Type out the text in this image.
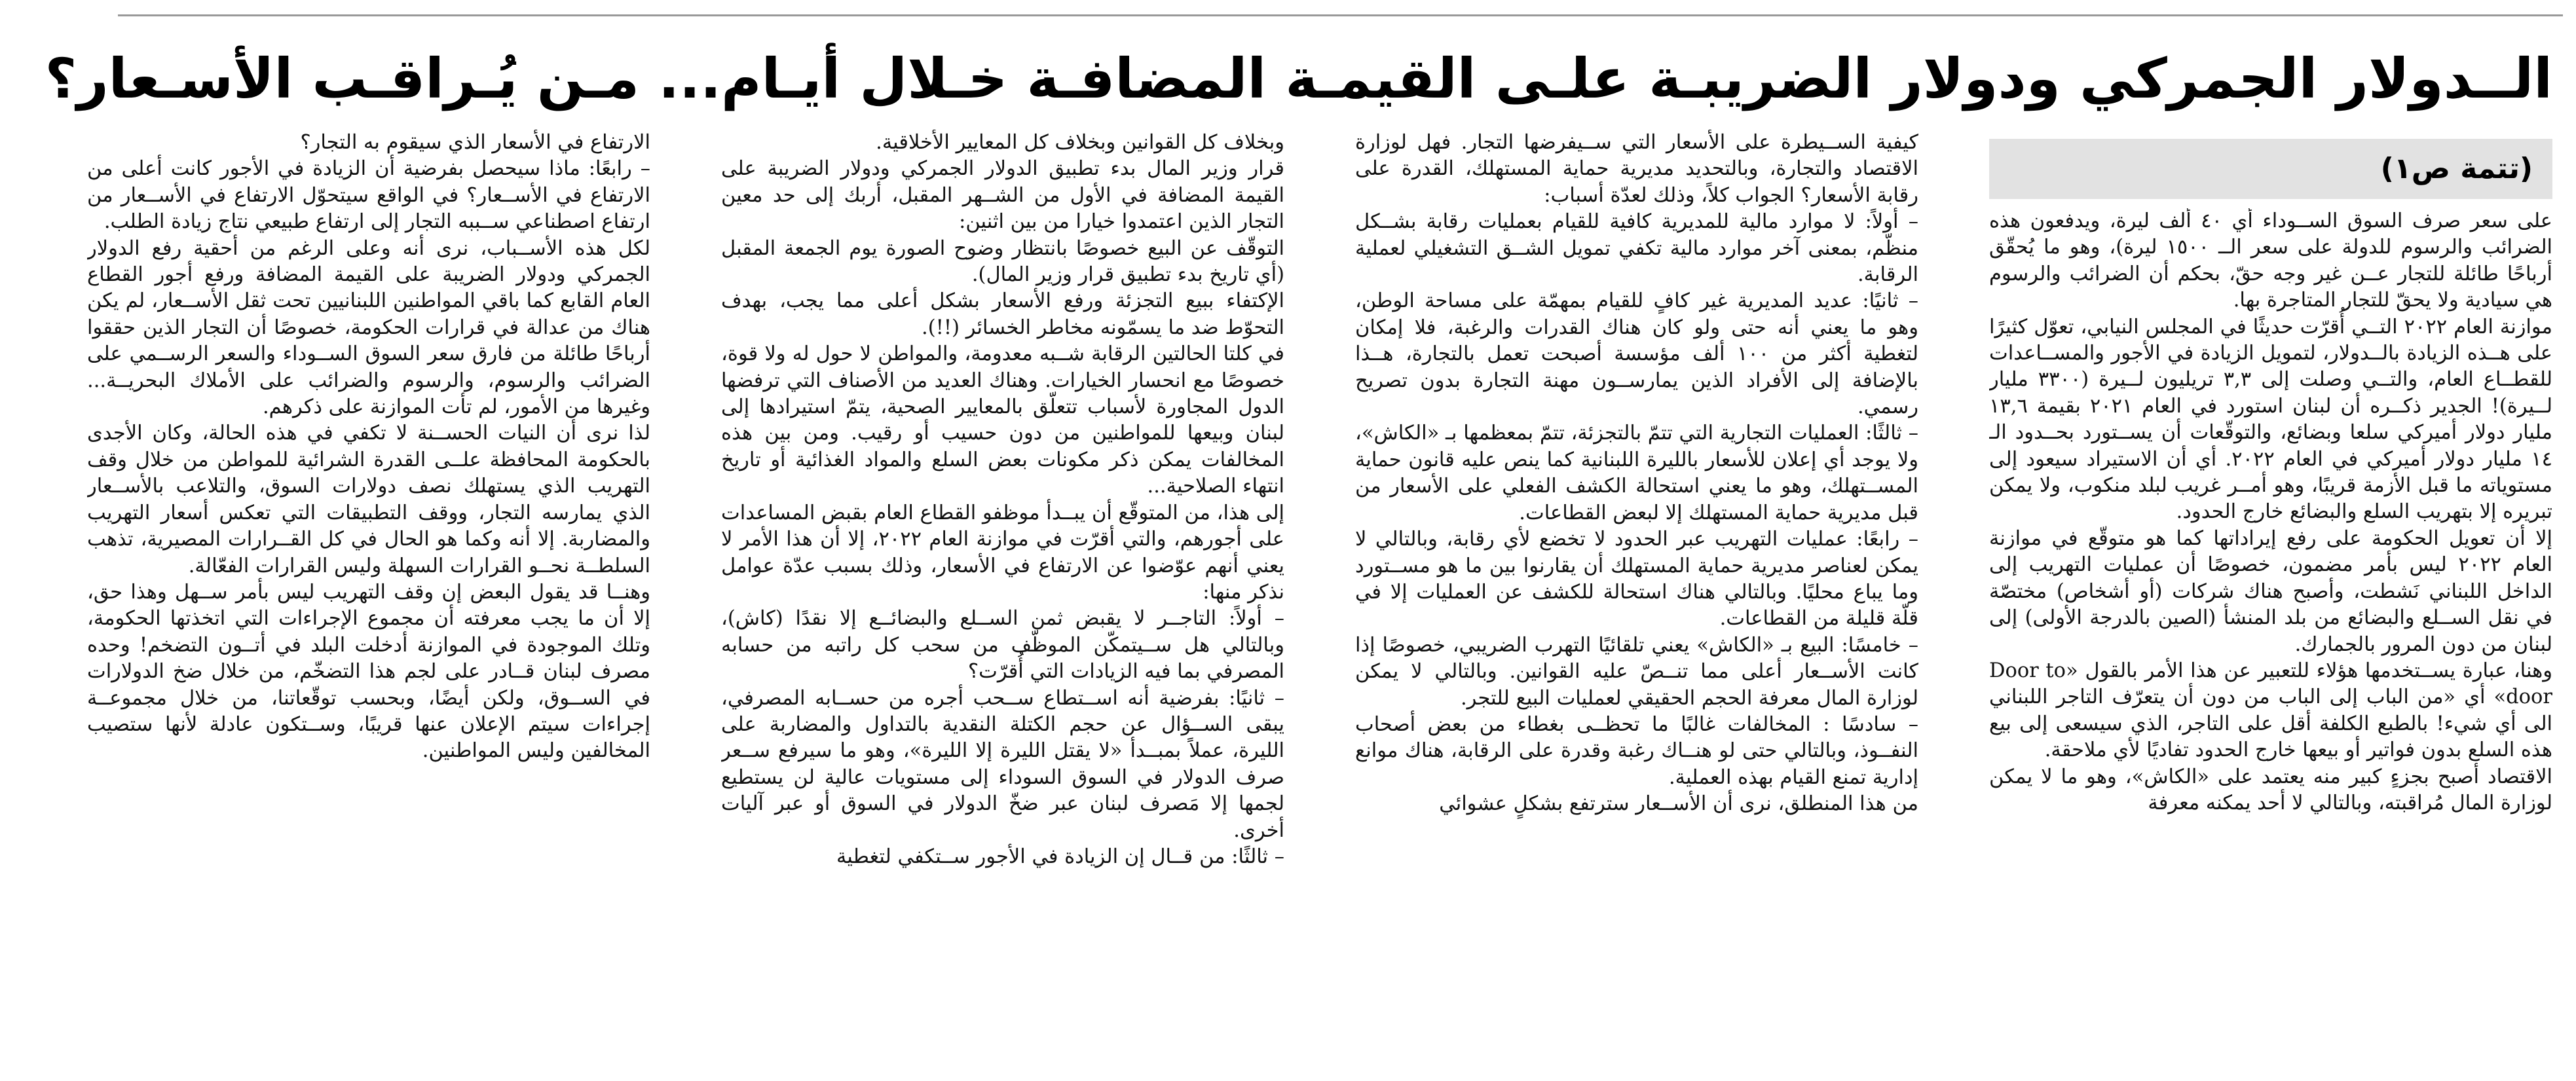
الــدولار الجمركي ودولار الضريبـة علـى القيمـة المضافـة خـلال أيـام... مـن يُـراقـب الأسـعار؟
(تتمة ص١)

على سعر صرف السوق الســوداء أي ٤٠ ألف ليرة، ويدفعون هذه الضرائب والرسوم للدولة على سعر الــ ١٥٠٠ ليرة)، وهو ما يُحقّق أرباحًا طائلة للتجار عــن غير وجه حقّ، بحكم أن الضرائب والرسوم هي سيادية ولا يحقّ للتجار المتاجرة بها.

موازنة العام ٢٠٢٢ التــي أُقرّت حديثًا في المجلس النيابي، تعوّل كثيرًا على هــذه الزيادة بالــدولار، لتمويل الزيادة في الأجور والمســاعدات للقطــاع العام، والتــي وصلت إلى ٣,٣ تريليون لــيرة (٣٣٠٠ مليار لــيرة)! الجدير ذكــره أن لبنان استورد في العام ٢٠٢١ بقيمة ١٣,٦ مليار دولار أميركي سلعا وبضائع، والتوقّعات أن يســتورد بحــدود الـ ١٤ مليار دولار أميركي في العام ٢٠٢٢. أي أن الاستيراد سيعود إلى مستوياته ما قبل الأزمة قريبًا، وهو أمــر غريب لبلد منكوب، ولا يمكن تبريره إلا بتهريب السلع والبضائع خارج الحدود.

إلا أن تعويل الحكومة على رفع إيراداتها كما هو متوقّع في موازنة العام ٢٠٢٢ ليس بأمر مضمون، خصوصًا أن عمليات التهريب إلى الداخل اللبناني نَشطت، وأصبح هناك شركات (أو أشخاص) مختصّة في نقل الســلع والبضائع من بلد المنشأ (الصين بالدرجة الأولى) إلى لبنان من دون المرور بالجمارك.

وهنا، عبارة يســتخدمها هؤلاء للتعبير عن هذا الأمر بالقول «Door to door» أي «من الباب إلى الباب من دون أن يتعرّف التاجر اللبناني الى أي شيء! بالطبع الكلفة أقل على التاجر، الذي سيسعى إلى بيع هذه السلع بدون فواتير أو بيعها خارج الحدود تفاديًا لأي ملاحقة.

الاقتصاد أصبح بجزءٍ كبير منه يعتمد على «الكاش»، وهو ما لا يمكن لوزارة المال مُراقبته، وبالتالي لا أحد يمكنه معرفة

كيفية الســيطرة على الأسعار التي ســيفرضها التجار. فهل لوزارة الاقتصاد والتجارة، وبالتحديد مديرية حماية المستهلك، القدرة على رقابة الأسعار؟ الجواب كلاً، وذلك لعدّة أسباب:

– أولاً: لا موارد مالية للمديرية كافية للقيام بعمليات رقابة بشــكل منظّم، بمعنى آخر موارد مالية تكفي تمويل الشــق التشغيلي لعملية الرقابة.

– ثانيًا: عديد المديرية غير كافٍ للقيام بمهمّة على مساحة الوطن، وهو ما يعني أنه حتى ولو كان هناك القدرات والرغبة، فلا إمكان لتغطية أكثر من ١٠٠ ألف مؤسسة أصبحت تعمل بالتجارة، هــذا بالإضافة إلى الأفراد الذين يمارســون مهنة التجارة بدون تصريح رسمي.

– ثالثًا: العمليات التجارية التي تتمّ بالتجزئة، تتمّ بمعظمها بـ «الكاش»، ولا يوجد أي إعلان للأسعار بالليرة اللبنانية كما ينص عليه قانون حماية المســتهلك، وهو ما يعني استحالة الكشف الفعلي على الأسعار من قبل مديرية حماية المستهلك إلا لبعض القطاعات.

– رابعًا: عمليات التهريب عبر الحدود لا تخضع لأي رقابة، وبالتالي لا يمكن لعناصر مديرية حماية المستهلك أن يقارنوا بين ما هو مســتورد وما يباع محليًا. وبالتالي هناك استحالة للكشف عن العمليات إلا في قلّة قليلة من القطاعات.

– خامسًا: البيع بـ «الكاش» يعني تلقائيًا التهرب الضريبي، خصوصًا إذا كانت الأســعار أعلى مما تنــصّ عليه القوانين. وبالتالي لا يمكن لوزارة المال معرفة الحجم الحقيقي لعمليات البيع للتجر.

– سادسًا : المخالفات غالبًا ما تحظــى بغطاء من بعض أصحاب النفــوذ، وبالتالي حتى لو هنــاك رغبة وقدرة على الرقابة، هناك موانع إدارية تمنع القيام بهذه العملية.

من هذا المنطلق، نرى أن الأســعار سترتفع بشكلٍ عشوائي

وبخلاف كل القوانين وبخلاف كل المعايير الأخلاقية.

قرار وزير المال بدء تطبيق الدولار الجمركي ودولار الضريبة على القيمة المضافة في الأول من الشــهر المقبل، أربك إلى حد معين التجار الذين اعتمدوا خيارا من بين اثنين:

التوقّف عن البيع خصوصًا بانتظار وضوح الصورة يوم الجمعة المقبل (أي تاريخ بدء تطبيق قرار وزير المال).

الإكتفاء ببيع التجزئة ورفع الأسعار بشكل أعلى مما يجب، بهدف التحوّط ضد ما يسمّونه مخاطر الخسائر (!!).

في كلتا الحالتين الرقابة شــبه معدومة، والمواطن لا حول له ولا قوة، خصوصًا مع انحسار الخيارات. وهناك العديد من الأصناف التي ترفضها الدول المجاورة لأسباب تتعلّق بالمعايير الصحية، يتمّ استيرادها إلى لبنان وبيعها للمواطنين من دون حسيب أو رقيب. ومن بين هذه المخالفات يمكن ذكر مكونات بعض السلع والمواد الغذائية أو تاريخ انتهاء الصلاحية...

إلى هذا، من المتوقّع أن يبــدأ موظفو القطاع العام بقبض المساعدات على أجورهم، والتي أقرّت في موازنة العام ٢٠٢٢، إلا أن هذا الأمر لا يعني أنهم عوّضوا عن الارتفاع في الأسعار، وذلك بسبب عدّة عوامل نذكر منها:

– أولاً: التاجــر لا يقبض ثمن الســلع والبضائــع إلا نقدًا (كاش)، وبالتالي هل ســيتمكّن الموظّف من سحب كل راتبه من حسابه المصرفي بما فيه الزيادات التي أُقرّت؟

– ثانيًا: بفرضية أنه اســتطاع ســحب أجره من حســابه المصرفي، يبقى الســؤال عن حجم الكتلة النقدية بالتداول والمضاربة على الليرة، عملاً بمبــدأ «لا يقتل الليرة إلا الليرة»، وهو ما سيرفع ســعر صرف الدولار في السوق السوداء إلى مستويات عالية لن يستطيع لجمها إلا مَصرف لبنان عبر ضخّ الدولار في السوق أو عبر آليات أخرى.

– ثالثًا: من قــال إن الزيادة في الأجور ســتكفي لتغطية

الارتفاع في الأسعار الذي سيقوم به التجار؟

– رابعًا: ماذا سيحصل بفرضية أن الزيادة في الأجور كانت أعلى من الارتفاع في الأســعار؟ في الواقع سيتحوّل الارتفاع في الأســعار من ارتفاع اصطناعي ســببه التجار إلى ارتفاع طبيعي نتاج زيادة الطلب.

لكل هذه الأســباب، نرى أنه وعلى الرغم من أحقية رفع الدولار الجمركي ودولار الضريبة على القيمة المضافة ورفع أجور القطاع العام القابع كما باقي المواطنين اللبنانيين تحت ثقل الأســعار، لم يكن هناك من عدالة في قرارات الحكومة، خصوصًا أن التجار الذين حققوا أرباحًا طائلة من فارق سعر السوق الســوداء والسعر الرســمي على الضرائب والرسوم، والرسوم والضرائب على الأملاك البحريــة... وغيرها من الأمور، لم تأت الموازنة على ذكرهم.

لذا نرى أن النيات الحســنة لا تكفي في هذه الحالة، وكان الأجدى بالحكومة المحافظة علــى القدرة الشرائية للمواطن من خلال وقف التهريب الذي يستهلك نصف دولارات السوق، والتلاعب بالأســعار الذي يمارسه التجار، ووقف التطبيقات التي تعكس أسعار التهريب والمضاربة. إلا أنه وكما هو الحال في كل القــرارات المصيرية، تذهب السلطــة نحــو القرارات السهلة وليس القرارات الفعّالة.

وهنــا قد يقول البعض إن وقف التهريب ليس بأمر ســهل وهذا حق، إلا أن ما يجب معرفته أن مجموع الإجراءات التي اتخذتها الحكومة، وتلك الموجودة في الموازنة أدخلت البلد في أتــون التضخم! وحده مصرف لبنان قــادر على لجم هذا التضخّم، من خلال ضخ الدولارات في الســوق، ولكن أيضًا، وبحسب توقّعاتنا، من خلال مجموعــة إجراءات سيتم الإعلان عنها قريبًا، وســتكون عادلة لأنها ستصيب المخالفين وليس المواطنين.
